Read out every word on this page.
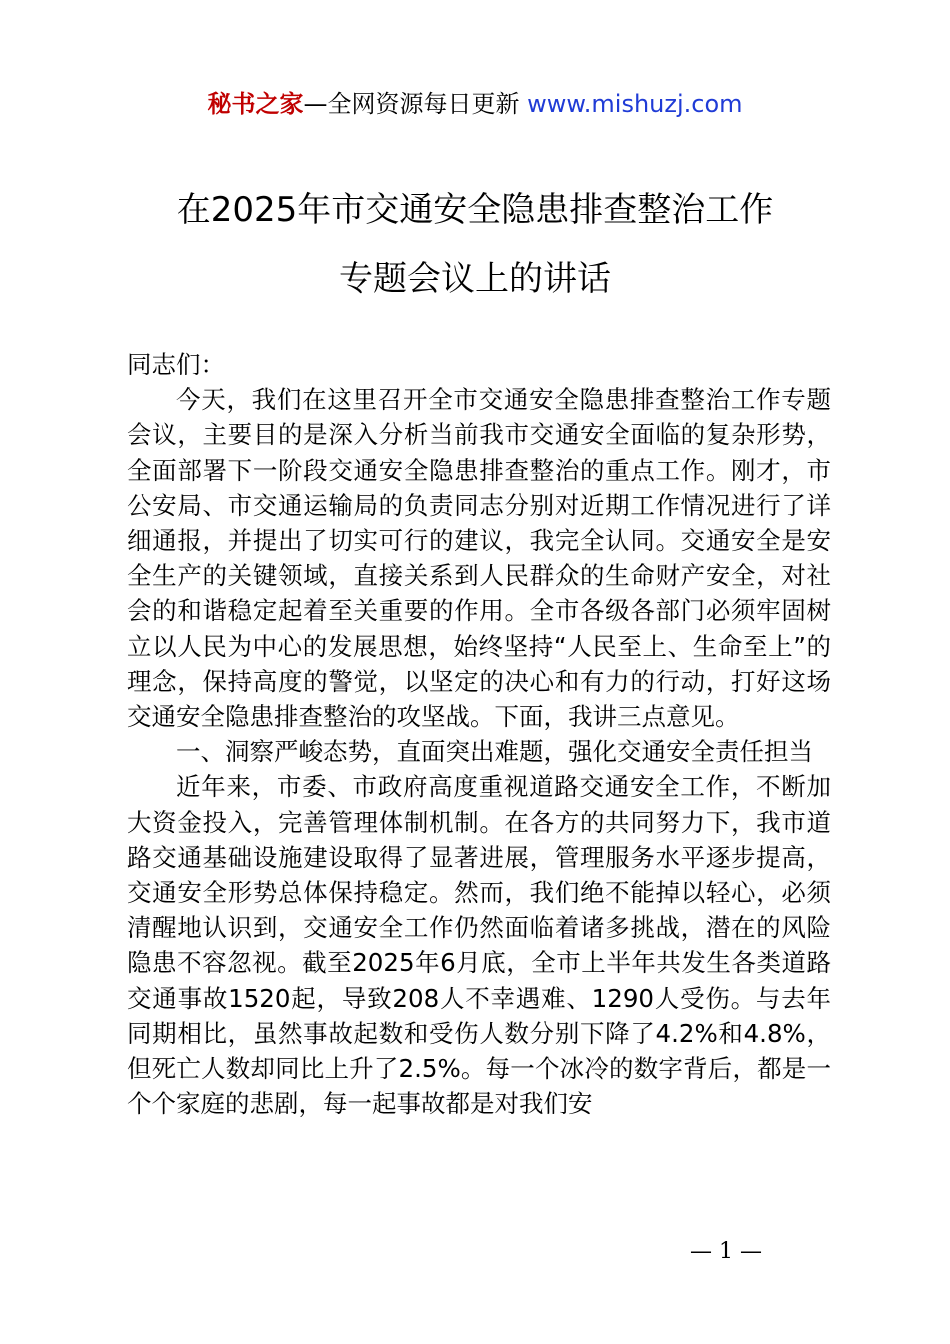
秘书之家—全网资源每日更新 www.mishuzj.com
在2025年市交通安全隐患排查整治工作
专题会议上的讲话

同志们：

今天，我们在这里召开全市交通安全隐患排查整治工作专题会议，主要目的是深入分析当前我市交通安全面临的复杂形势，全面部署下一阶段交通安全隐患排查整治的重点工作。刚才，市公安局、市交通运输局的负责同志分别对近期工作情况进行了详细通报，并提出了切实可行的建议，我完全认同。交通安全是安全生产的关键领域，直接关系到人民群众的生命财产安全，对社会的和谐稳定起着至关重要的作用。全市各级各部门必须牢固树立以人民为中心的发展思想，始终坚持“人民至上、生命至上”的理念，保持高度的警觉，以坚定的决心和有力的行动，打好这场交通安全隐患排查整治的攻坚战。下面，我讲三点意见。

一、洞察严峻态势，直面突出难题，强化交通安全责任担当

近年来，市委、市政府高度重视道路交通安全工作，不断加大资金投入，完善管理体制机制。在各方的共同努力下，我市道路交通基础设施建设取得了显著进展，管理服务水平逐步提高，交通安全形势总体保持稳定。然而，我们绝不能掉以轻心，必须清醒地认识到，交通安全工作仍然面临着诸多挑战，潜在的风险隐患不容忽视。截至2025年6月底，全市上半年共发生各类道路交通事故1520起，导致208人不幸遇难、1290人受伤。与去年同期相比，虽然事故起数和受伤人数分别下降了4.2%和4.8%，但死亡人数却同比上升了2.5%。每一个冰冷的数字背后，都是一个个家庭的悲剧，每一起事故都是对我们安

— 1 —
